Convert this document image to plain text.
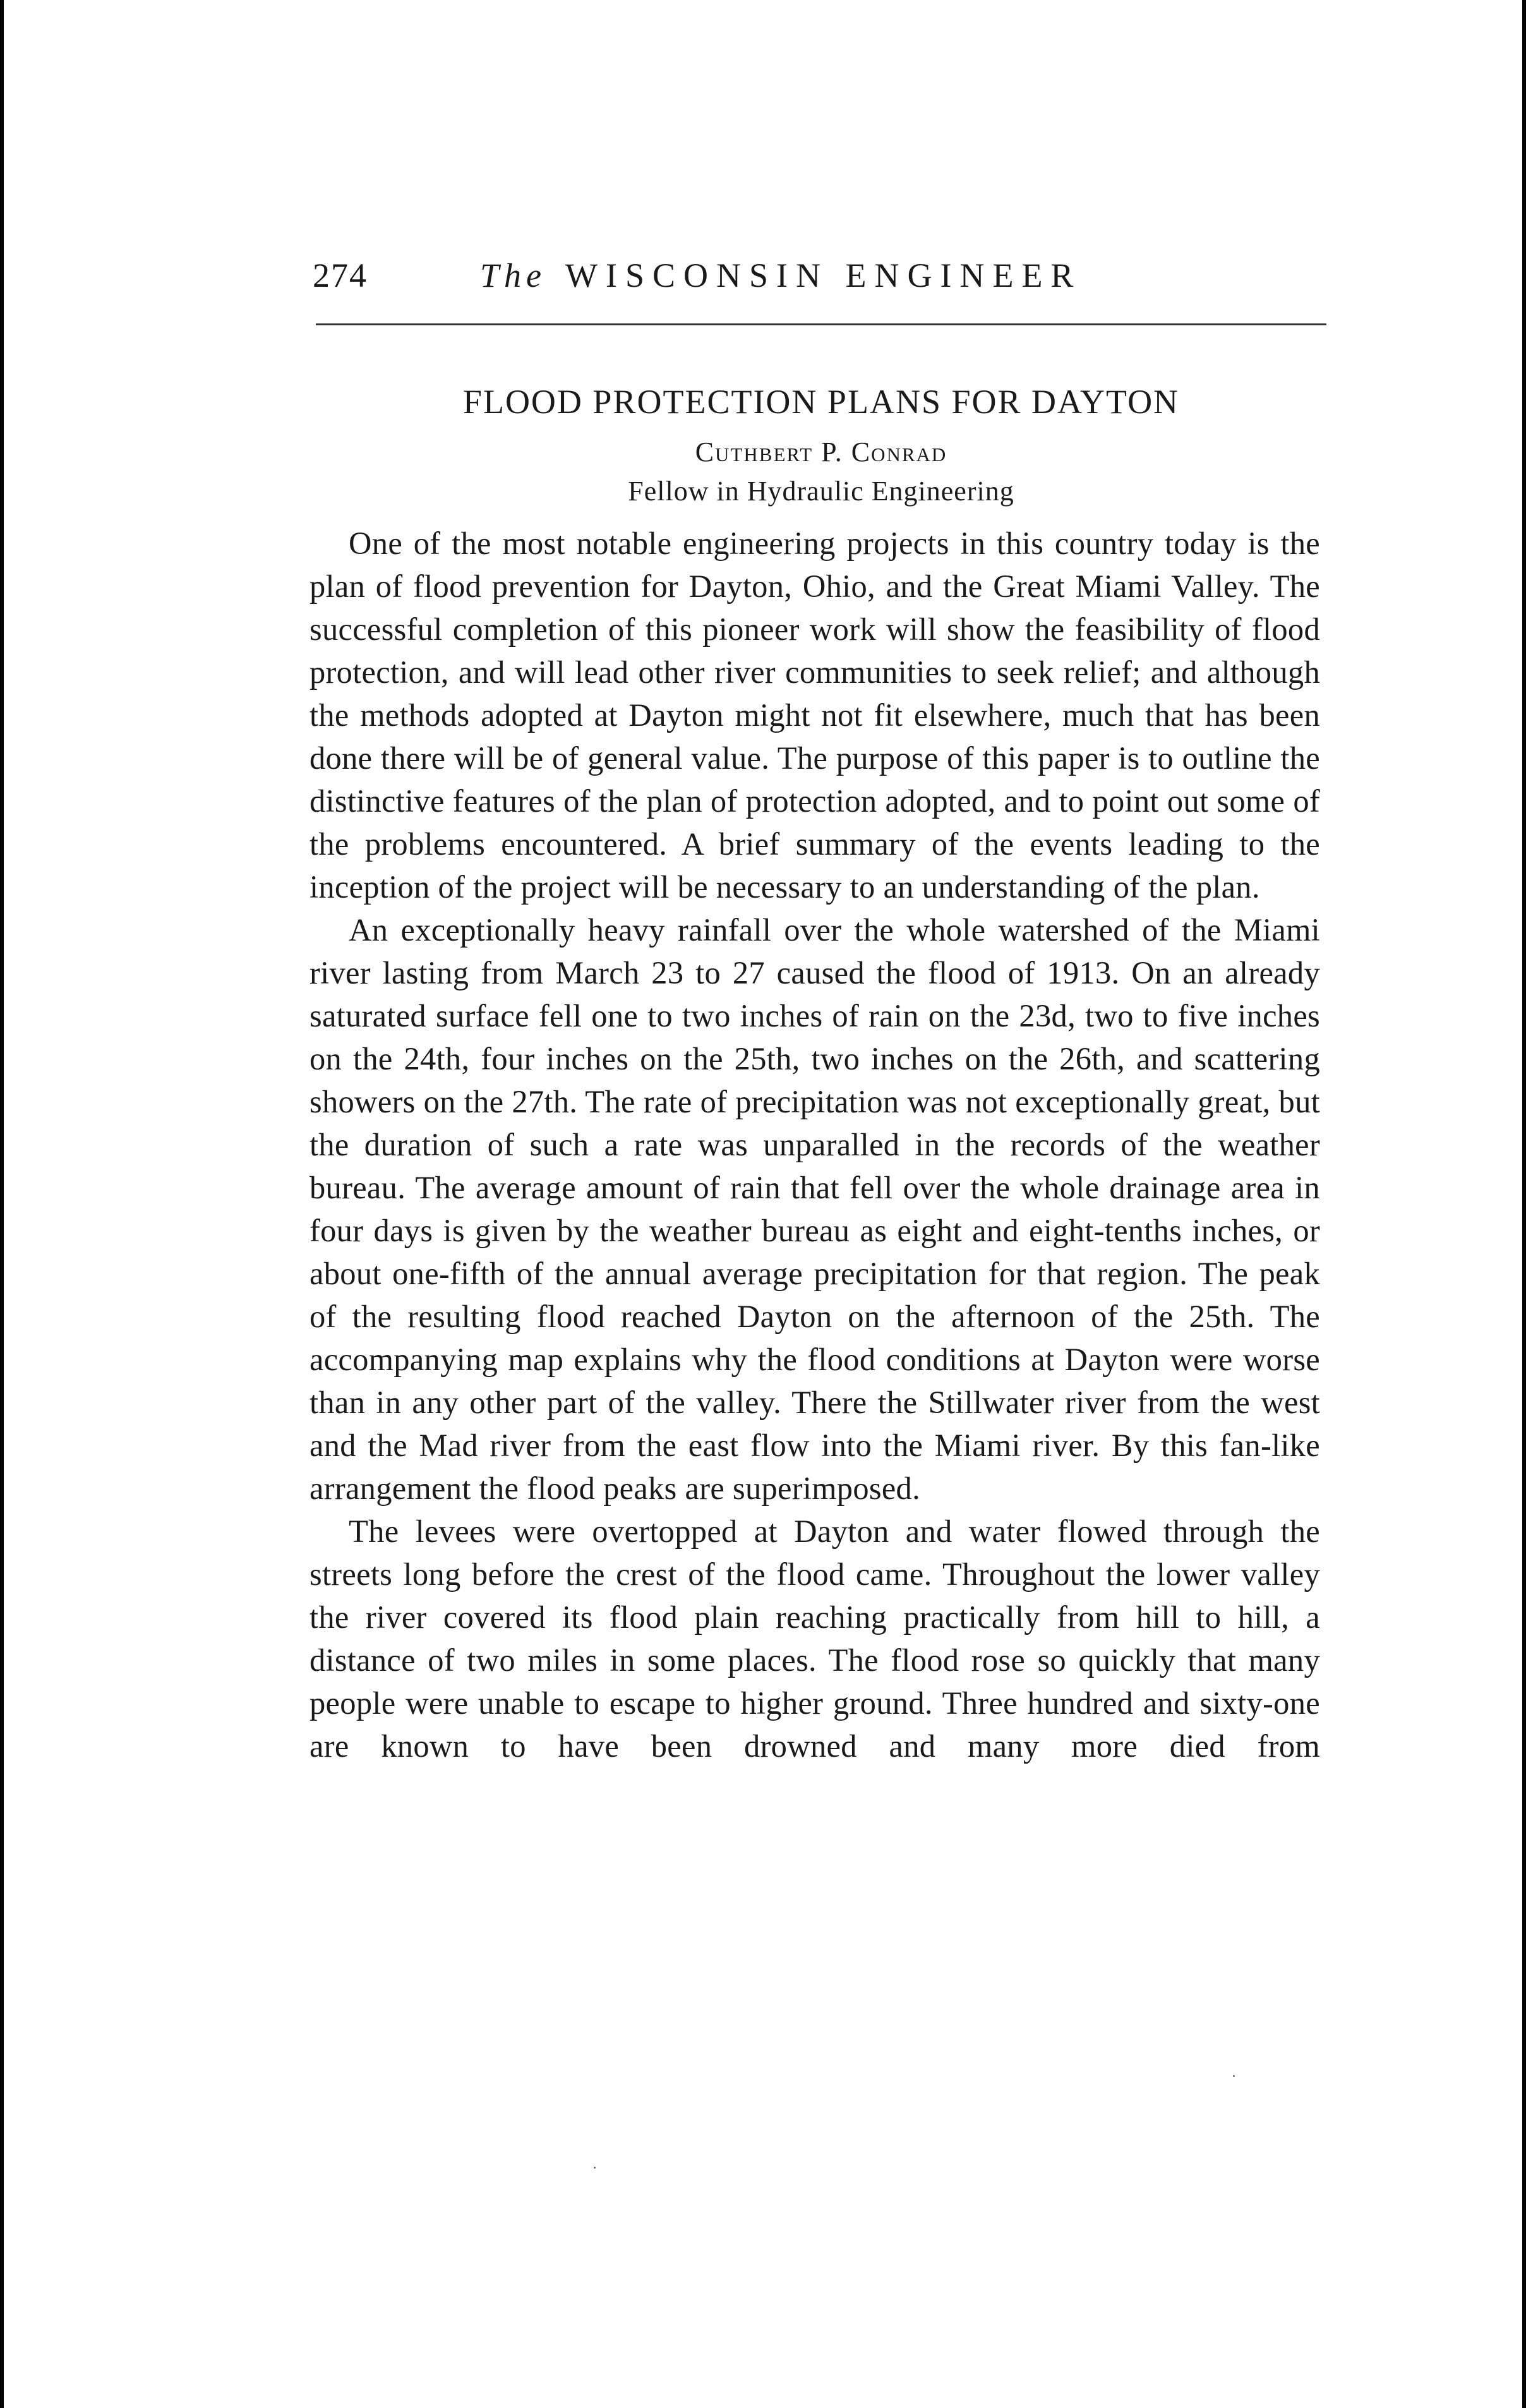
274	The WISCONSIN ENGINEER
FLOOD PROTECTION PLANS FOR DAYTON
Cuthbert P. Conrad
Fellow in Hydraulic Engineering

One of the most notable engineering projects in this country today is the plan of flood prevention for Dayton, Ohio, and the Great Miami Valley. The successful completion of this pioneer work will show the feasibility of flood protection, and will lead other river communities to seek relief; and although the methods adopted at Dayton might not fit elsewhere, much that has been done there will be of general value. The purpose of this paper is to outline the distinctive features of the plan of protection adopted, and to point out some of the problems encountered. A brief summary of the events leading to the inception of the project will be necessary to an understanding of the plan.

An exceptionally heavy rainfall over the whole watershed of the Miami river lasting from March 23 to 27 caused the flood of 1913. On an already saturated surface fell one to two inches of rain on the 23d, two to five inches on the 24th, four inches on the 25th, two inches on the 26th, and scattering showers on the 27th. The rate of precipitation was not exceptionally great, but the duration of such a rate was unparalled in the records of the weather bureau. The average amount of rain that fell over the whole drainage area in four days is given by the weather bureau as eight and eight-tenths inches, or about one-fifth of the annual average precipitation for that region. The peak of the resulting flood reached Dayton on the afternoon of the 25th. The accompanying map explains why the flood conditions at Dayton were worse than in any other part of the valley. There the Stillwater river from the west and the Mad river from the east flow into the Miami river. By this fan-like arrangement the flood peaks are superimposed.

The levees were overtopped at Dayton and water flowed through the streets long before the crest of the flood came. Throughout the lower valley the river covered its flood plain reaching practically from hill to hill, a distance of two miles in some places. The flood rose so quickly that many people were unable to escape to higher ground. Three hundred and sixty-one are known to have been drowned and many more died from
